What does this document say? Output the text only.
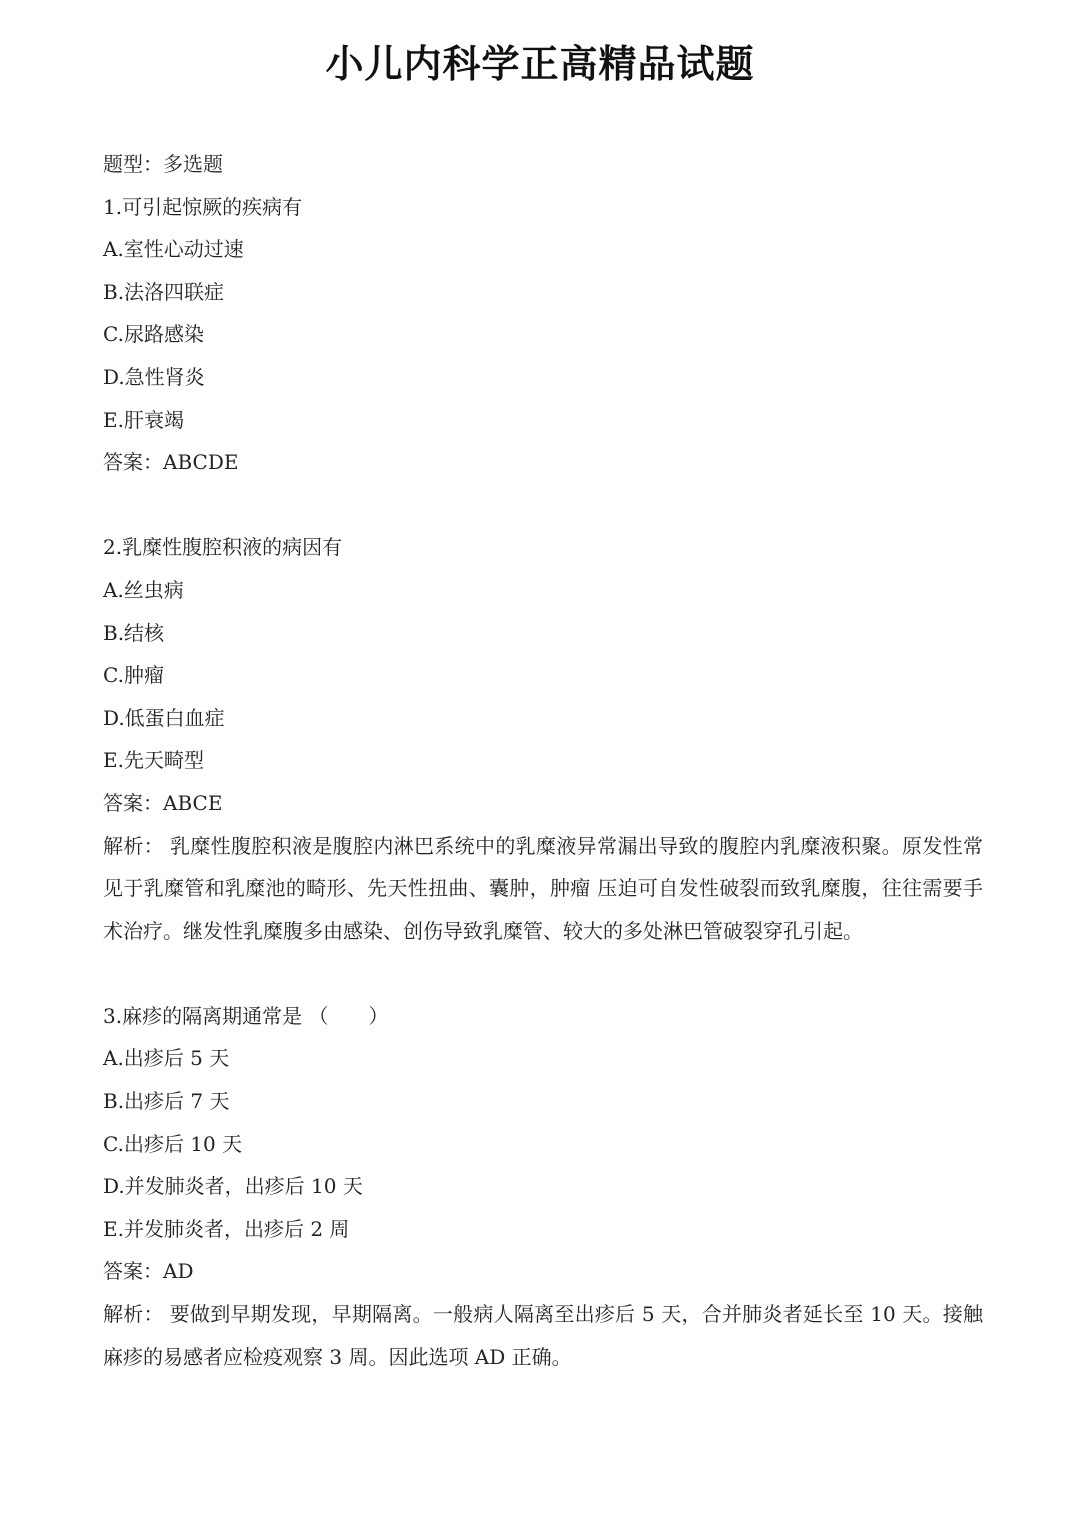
小儿内科学正高精品试题
题型：多选题
1.可引起惊厥的疾病有
A.室性心动过速
B.法洛四联症
C.尿路感染
D.急性肾炎
E.肝衰竭
答案：ABCDE
2.乳糜性腹腔积液的病因有
A.丝虫病
B.结核
C.肿瘤
D.低蛋白血症
E.先天畸型
答案：ABCE
解析： 乳糜性腹腔积液是腹腔内淋巴系统中的乳糜液异常漏出导致的腹腔内乳糜液积聚。原发性常见于乳糜管和乳糜池的畸形、先天性扭曲、囊肿，肿瘤 压迫可自发性破裂而致乳糜腹，往往需要手术治疗。继发性乳糜腹多由感染、创伤导致乳糜管、较大的多处淋巴管破裂穿孔引起。
3.麻疹的隔离期通常是 （　　）
A.出疹后 5 天
B.出疹后 7 天
C.出疹后 10 天
D.并发肺炎者，出疹后 10 天
E.并发肺炎者，出疹后 2 周
答案：AD
解析： 要做到早期发现，早期隔离。一般病人隔离至出疹后 5 天，合并肺炎者延长至 10 天。接触麻疹的易感者应检疫观察 3 周。因此选项 AD 正确。
